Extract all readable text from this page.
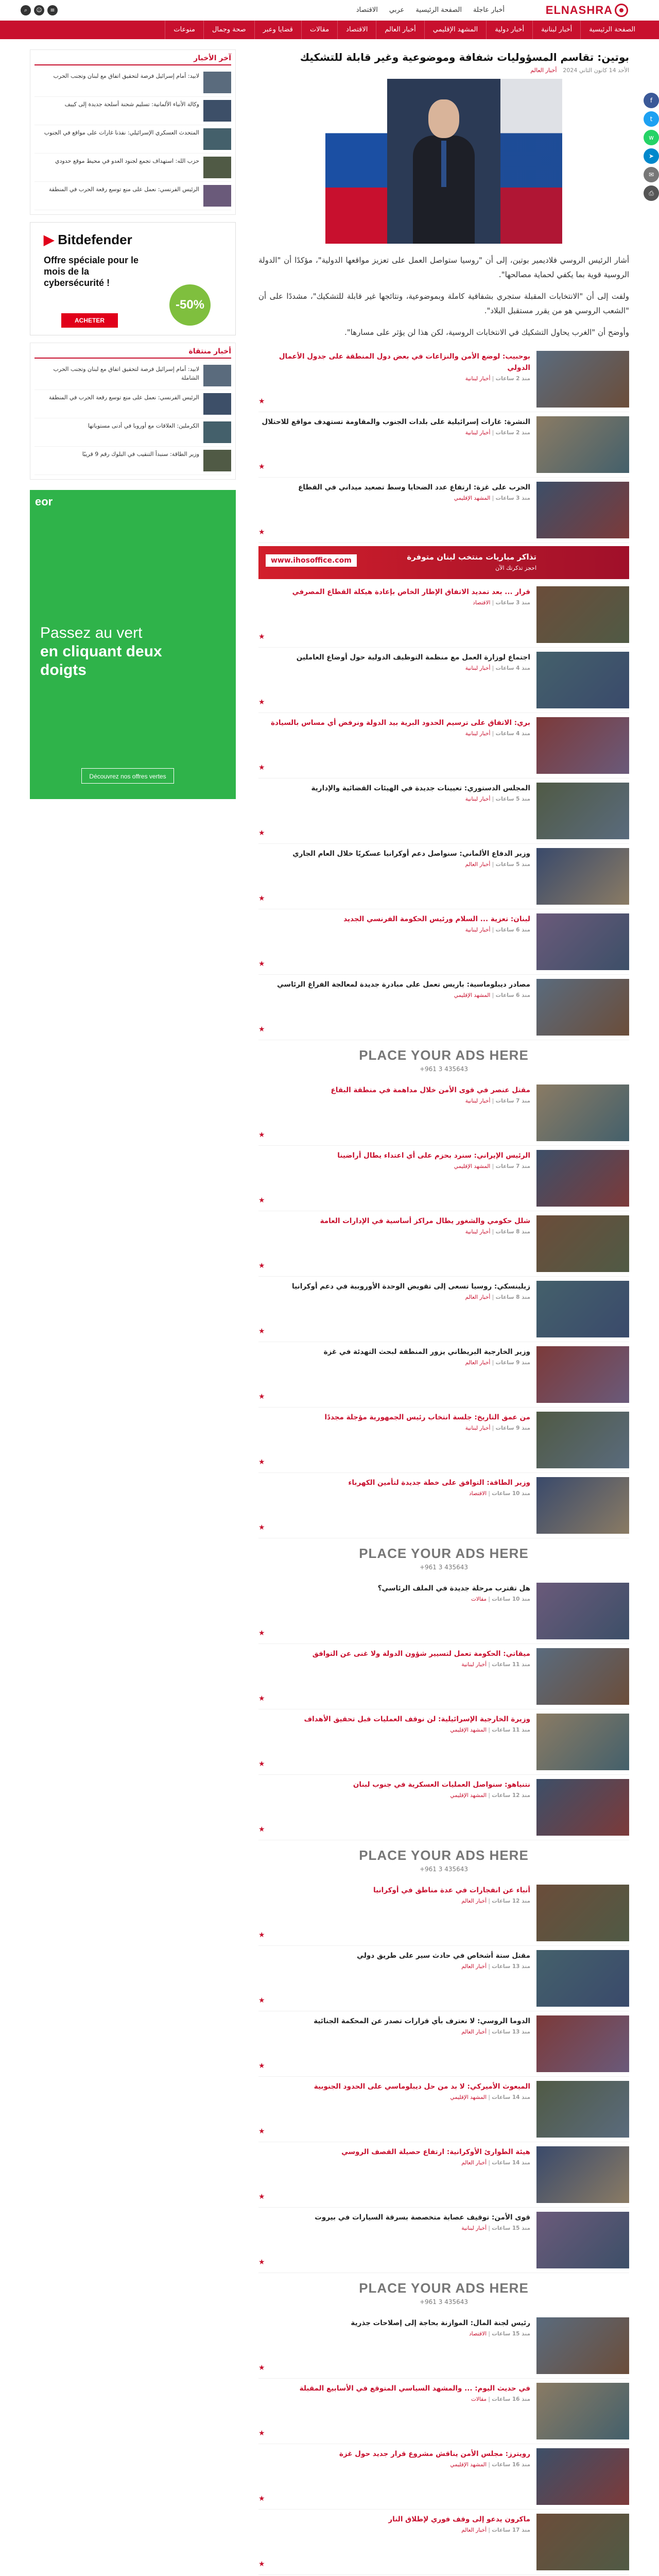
ELNASHRA
أخبار عاجلة
الصفحة الرئيسية
عربي
الاقتصاد
⌕	☺	≡
الصفحة الرئيسية
أخبار لبنانية
أخبار دولية
المشهد الإقليمي
أخبار العالم
الاقتصاد
مقالات
قضايا وعبر
صحة وجمال
منوعات
f
t
w
➤
✉
⎙
بوتين: تقاسم المسؤوليات شفافة وموضوعية وغير قابلة للتشكيك
الأحد 14 كانون الثاني 2024
أخبار العالم

أشار الرئيس الروسي فلاديمير بوتين، إلى أن "روسيا ستواصل العمل على تعزيز مواقعها الدولية"، مؤكدًا أن "الدولة الروسية قوية بما يكفي لحماية مصالحها".

ولفت إلى أن "الانتخابات المقبلة ستجري بشفافية كاملة وبموضوعية، ونتائجها غير قابلة للتشكيك"، مشددًا على أن "الشعب الروسي هو من يقرر مستقبل البلاد".

وأوضح أن "الغرب يحاول التشكيك في الانتخابات الروسية، لكن هذا لن يؤثر على مسارها".

بوحبيب: لوضع الأمن والنزاعات في بعض دول المنطقة على جدول الأعمال الدولي
منذ 2 ساعات | أخبار لبنانية
★
النشرة: غارات إسرائيلية على بلدات الجنوب والمقاومة تستهدف مواقع للاحتلال
منذ 2 ساعات | أخبار لبنانية
★
الحرب على غزة: ارتفاع عدد الضحايا وسط تصعيد ميداني في القطاع
منذ 3 ساعات | المشهد الإقليمي
★
تذاكر مباريات منتخب لبنان متوفرة
احجز تذكرتك الآن
www.ihosoffice.com
قرار ... بعد تمديد الاتفاق الإطار الخاص بإعادة هيكلة القطاع المصرفي
منذ 3 ساعات | الاقتصاد
★
اجتماع لوزارة العمل مع منظمة التوظيف الدولية حول أوضاع العاملين
منذ 4 ساعات | أخبار لبنانية
★
بري: الاتفاق على ترسيم الحدود البرية بيد الدولة ونرفض أي مساس بالسيادة
منذ 4 ساعات | أخبار لبنانية
★
المجلس الدستوري: تعيينات جديدة في الهيئات القضائية والإدارية
منذ 5 ساعات | أخبار لبنانية
★
وزير الدفاع الألماني: سنواصل دعم أوكرانيا عسكريًا خلال العام الجاري
منذ 5 ساعات | أخبار العالم
★
لبنان: تعزية ... السلام ورئيس الحكومة الفرنسي الجديد
منذ 6 ساعات | أخبار لبنانية
★
مصادر ديبلوماسية: باريس تعمل على مبادرة جديدة لمعالجة الفراغ الرئاسي
منذ 6 ساعات | المشهد الإقليمي
★
PLACE YOUR ADS HERE
+961 3 435643
مقتل عنصر في قوى الأمن خلال مداهمة في منطقة البقاع
منذ 7 ساعات | أخبار لبنانية
★
الرئيس الإيراني: سنرد بحزم على أي اعتداء يطال أراضينا
منذ 7 ساعات | المشهد الإقليمي
★
شلل حكومي والشغور يطال مراكز أساسية في الإدارات العامة
منذ 8 ساعات | أخبار لبنانية
★
زيلينسكي: روسيا تسعى إلى تقويض الوحدة الأوروبية في دعم أوكرانيا
منذ 8 ساعات | أخبار العالم
★
وزير الخارجية البريطاني يزور المنطقة لبحث التهدئة في غزة
منذ 9 ساعات | أخبار العالم
★
من عمق التاريخ: جلسة انتخاب رئيس الجمهورية مؤجلة مجددًا
منذ 9 ساعات | أخبار لبنانية
★
وزير الطاقة: التوافق على خطة جديدة لتأمين الكهرباء
منذ 10 ساعات | الاقتصاد
★
PLACE YOUR ADS HERE
+961 3 435643
هل تقترب مرحلة جديدة في الملف الرئاسي؟
منذ 10 ساعات | مقالات
★
ميقاتي: الحكومة تعمل لتسيير شؤون الدولة ولا غنى عن التوافق
منذ 11 ساعات | أخبار لبنانية
★
وزيرة الخارجية الإسرائيلية: لن نوقف العمليات قبل تحقيق الأهداف
منذ 11 ساعات | المشهد الإقليمي
★
نتنياهو: سنواصل العمليات العسكرية في جنوب لبنان
منذ 12 ساعات | المشهد الإقليمي
★
PLACE YOUR ADS HERE
+961 3 435643
أنباء عن انفجارات في عدة مناطق في أوكرانيا
منذ 12 ساعات | أخبار العالم
★
مقتل ستة أشخاص في حادث سير على طريق دولي
منذ 13 ساعات | أخبار العالم
★
الدوما الروسي: لا نعترف بأي قرارات تصدر عن المحكمة الجنائية
منذ 13 ساعات | أخبار العالم
★
المبعوث الأميركي: لا بد من حل ديبلوماسي على الحدود الجنوبية
منذ 14 ساعات | المشهد الإقليمي
★
هيئة الطوارئ الأوكرانية: ارتفاع حصيلة القصف الروسي
منذ 14 ساعات | أخبار العالم
★
قوى الأمن: توقيف عصابة متخصصة بسرقة السيارات في بيروت
منذ 15 ساعات | أخبار لبنانية
★
PLACE YOUR ADS HERE
+961 3 435643
رئيس لجنة المال: الموازنة بحاجة إلى إصلاحات جذرية
منذ 15 ساعات | الاقتصاد
★
في حديث اليوم: ... والمشهد السياسي المتوقع في الأسابيع المقبلة
منذ 16 ساعات | مقالات
★
رويترز: مجلس الأمن يناقش مشروع قرار جديد حول غزة
منذ 16 ساعات | المشهد الإقليمي
★
ماكرون يدعو إلى وقف فوري لإطلاق النار
منذ 17 ساعات | أخبار العالم
★
آخر الأخبار
لابيد: أمام إسرائيل فرصة لتحقيق اتفاق مع لبنان وتجنب الحرب
وكالة الأنباء الألمانية: تسليم شحنة أسلحة جديدة إلى كييف
المتحدث العسكري الإسرائيلي: نفذنا غارات على مواقع في الجنوب
حزب الله: استهداف تجمع لجنود العدو في محيط موقع حدودي
الرئيس الفرنسي: نعمل على منع توسع رقعة الحرب في المنطقة
▶ Bitdefender
Offre spéciale pour le mois de la cybersécurité !
-50%
ACHETER
أخبار منتقاة
لابيد: أمام إسرائيل فرصة لتحقيق اتفاق مع لبنان وتجنب الحرب الشاملة
الرئيس الفرنسي: نعمل على منع توسع رقعة الحرب في المنطقة
الكرملين: العلاقات مع أوروبا في أدنى مستوياتها
وزير الطاقة: سنبدأ التنقيب في البلوك رقم 9 قريبًا
eor
Passez au vert
en cliquant deux doigts
Découvrez nos offres vertes
